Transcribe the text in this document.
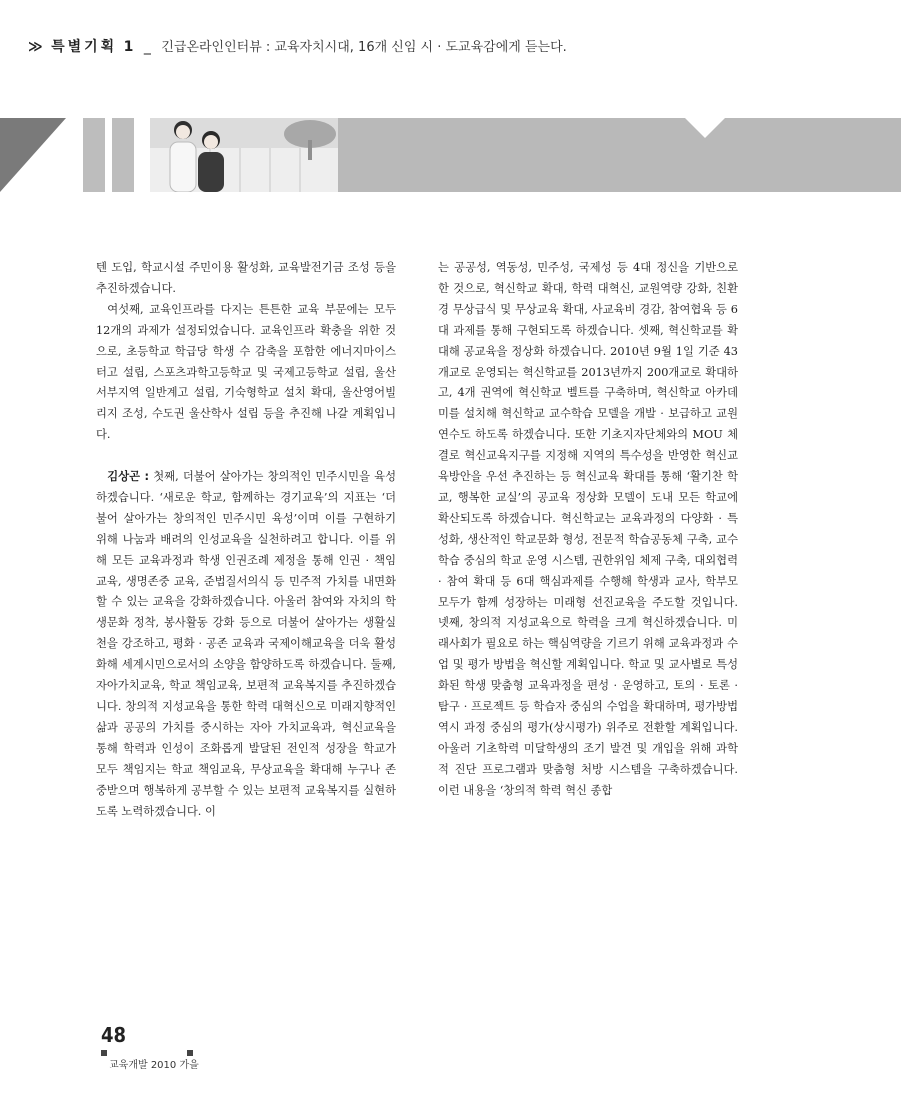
≫ 특별기획 1 _ 긴급온라인인터뷰 : 교육자치시대, 16개 신임 시 · 도교육감에게 듣는다.

텐 도입, 학교시설 주민이용 활성화, 교육발전기금 조성 등을 추진하겠습니다.

여섯째, 교육인프라를 다지는 튼튼한 교육 부문에는 모두 12개의 과제가 설정되었습니다. 교육인프라 확충을 위한 것으로, 초등학교 학급당 학생 수 감축을 포함한 에너지마이스터고 설립, 스포츠과학고등학교 및 국제고등학교 설립, 울산서부지역 일반계고 설립, 기숙형학교 설치 확대, 울산영어빌리지 조성, 수도권 울산학사 설립 등을 추진해 나갈 계획입니다.

김상곤 : 첫째, 더불어 살아가는 창의적인 민주시민을 육성하겠습니다. ‘새로운 학교, 함께하는 경기교육’의 지표는 ‘더불어 살아가는 창의적인 민주시민 육성’이며 이를 구현하기 위해 나눔과 배려의 인성교육을 실천하려고 합니다. 이를 위해 모든 교육과정과 학생 인권조례 제정을 통해 인권 · 책임 교육, 생명존중 교육, 준법질서의식 등 민주적 가치를 내면화할 수 있는 교육을 강화하겠습니다. 아울러 참여와 자치의 학생문화 정착, 봉사활동 강화 등으로 더불어 살아가는 생활실천을 강조하고, 평화 · 공존 교육과 국제이해교육을 더욱 활성화해 세계시민으로서의 소양을 함양하도록 하겠습니다. 둘째, 자아가치교육, 학교 책임교육, 보편적 교육복지를 추진하겠습니다. 창의적 지성교육을 통한 학력 대혁신으로 미래지향적인 삶과 공공의 가치를 중시하는 자아 가치교육과, 혁신교육을 통해 학력과 인성이 조화롭게 발달된 전인적 성장을 학교가 모두 책임지는 학교 책임교육, 무상교육을 확대해 누구나 존중받으며 행복하게 공부할 수 있는 보편적 교육복지를 실현하도록 노력하겠습니다. 이

는 공공성, 역동성, 민주성, 국제성 등 4대 정신을 기반으로 한 것으로, 혁신학교 확대, 학력 대혁신, 교원역량 강화, 친환경 무상급식 및 무상교육 확대, 사교육비 경감, 참여협육 등 6대 과제를 통해 구현되도록 하겠습니다. 셋째, 혁신학교를 확대해 공교육을 정상화 하겠습니다. 2010년 9월 1일 기준 43개교로 운영되는 혁신학교를 2013년까지 200개교로 확대하고, 4개 권역에 혁신학교 벨트를 구축하며, 혁신학교 아카데미를 설치해 혁신학교 교수학습 모델을 개발 · 보급하고 교원연수도 하도록 하겠습니다. 또한 기초지자단체와의 MOU 체결로 혁신교육지구를 지정해 지역의 특수성을 반영한 혁신교육방안을 우선 추진하는 등 혁신교육 확대를 통해 ‘활기찬 학교, 행복한 교실’의 공교육 정상화 모델이 도내 모든 학교에 확산되도록 하겠습니다. 혁신학교는 교육과정의 다양화 · 특성화, 생산적인 학교문화 형성, 전문적 학습공동체 구축, 교수학습 중심의 학교 운영 시스템, 권한위임 체제 구축, 대외협력 · 참여 확대 등 6대 핵심과제를 수행해 학생과 교사, 학부모 모두가 함께 성장하는 미래형 선진교육을 주도할 것입니다. 넷째, 창의적 지성교육으로 학력을 크게 혁신하겠습니다. 미래사회가 필요로 하는 핵심역량을 기르기 위해 교육과정과 수업 및 평가 방법을 혁신할 계획입니다. 학교 및 교사별로 특성화된 학생 맞춤형 교육과정을 편성 · 운영하고, 토의 · 토론 · 탐구 · 프로젝트 등 학습자 중심의 수업을 확대하며, 평가방법 역시 과정 중심의 평가(상시평가) 위주로 전환할 계획입니다. 아울러 기초학력 미달학생의 조기 발견 및 개입을 위해 과학적 진단 프로그램과 맞춤형 처방 시스템을 구축하겠습니다. 이런 내용을 ‘창의적 학력 혁신 종합

48
교육개발 2010 가을
